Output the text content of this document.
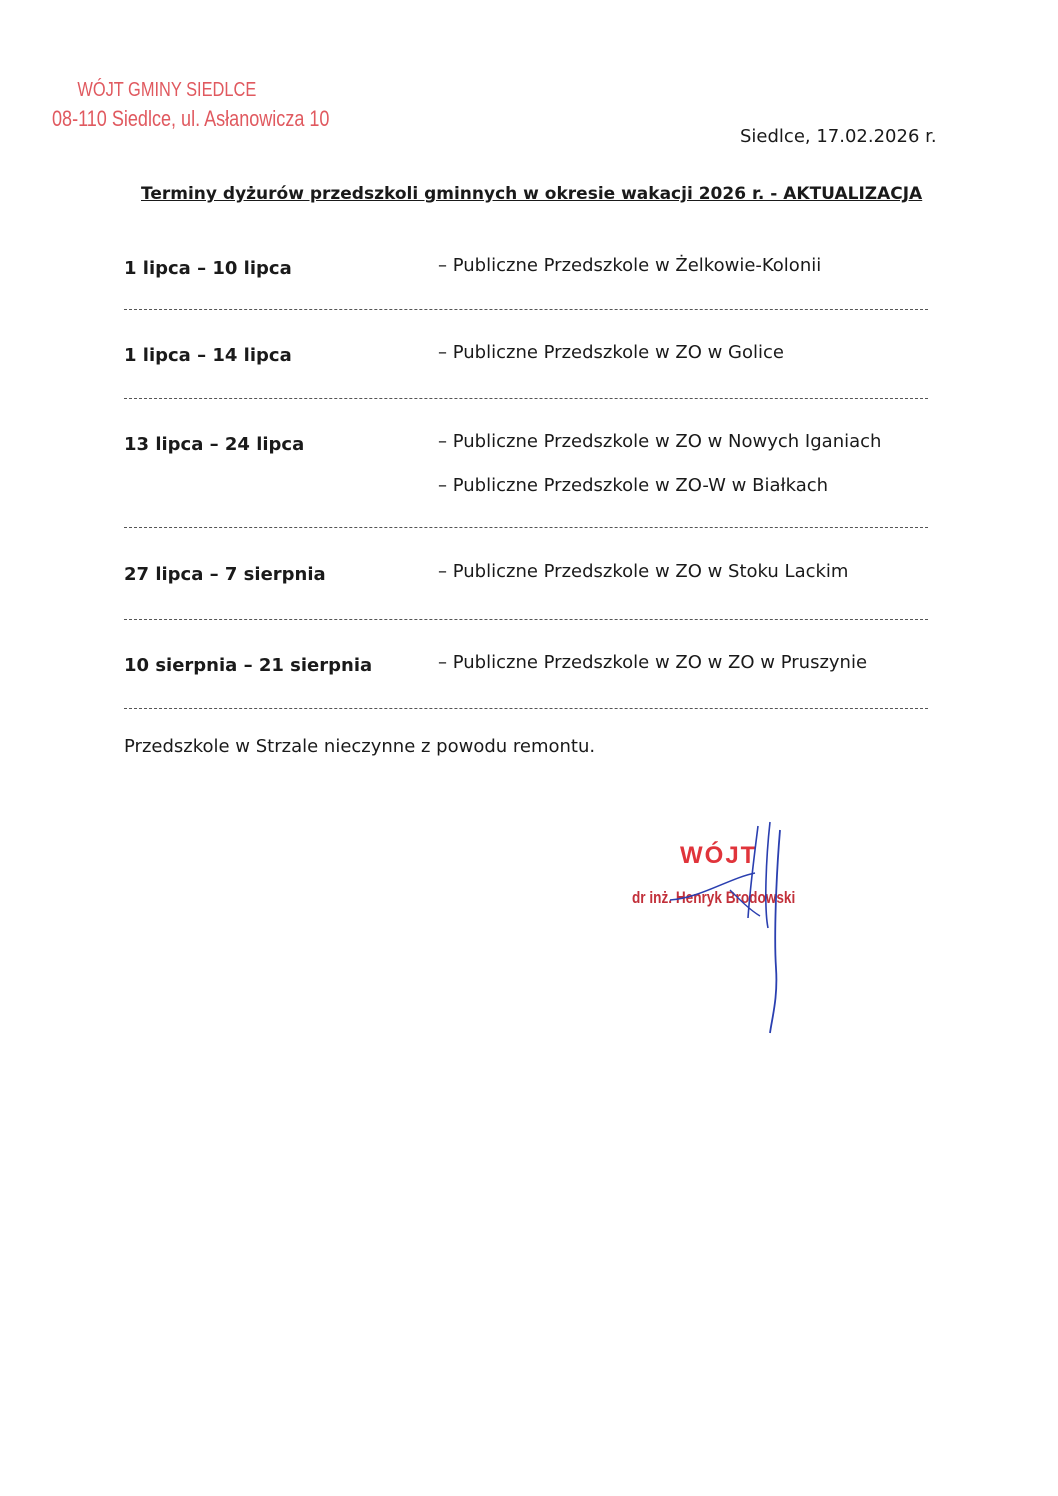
WÓJT GMINY SIEDLCE
08-110 Siedlce, ul. Asłanowicza 10
Siedlce, 17.02.2026 r.
Terminy dyżurów przedszkoli gminnych w okresie wakacji 2026 r. - AKTUALIZACJA
1 lipca – 10 lipca	– Publiczne Przedszkole w Żelkowie-Kolonii
1 lipca – 14 lipca	– Publiczne Przedszkole w ZO w Golice
13 lipca – 24 lipca	– Publiczne Przedszkole w ZO w Nowych Iganiach
– Publiczne Przedszkole w ZO-W w Białkach
27 lipca – 7 sierpnia	– Publiczne Przedszkole w ZO w Stoku Lackim
10 sierpnia – 21 sierpnia	– Publiczne Przedszkole w ZO w ZO w Pruszynie
Przedszkole w Strzale nieczynne z powodu remontu.
WÓJT
dr inż. Henryk Brodowski
